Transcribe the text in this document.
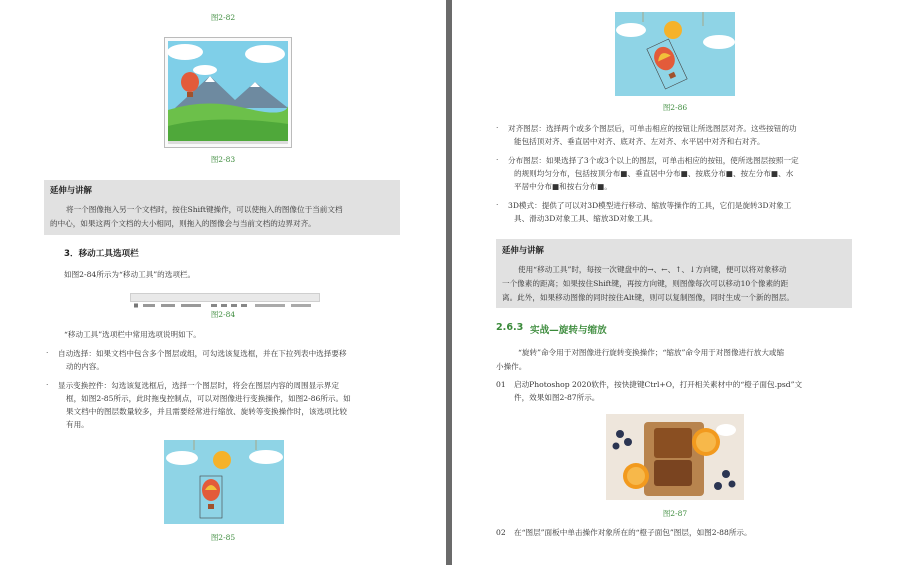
图2-82
图2-83
延伸与讲解
将一个图像拖入另一个文档时，按住Shift键操作，可以使拖入的图像位于当前文档
的中心，如果这两个文档的大小相同，则拖入的图像会与当前文档的边界对齐。
3．移动工具选项栏
如图2-84所示为“移动工具”的选项栏。
图2-84
“移动工具”选项栏中常用选项说明如下。
· 自动选择：如果文档中包含多个图层或组，可勾选该复选框，并在下拉列表中选择要移
动的内容。
· 显示变换控件：勾选该复选框后，选择一个图层时，将会在图层内容的周围显示界定
框，如图2-85所示，此时拖曳控制点，可以对图像进行变换操作，如图2-86所示。如
果文档中的图层数量较多，并且需要经常进行缩放、旋转等变换操作时，该选项比较
有用。
图2-85
图2-86
· 对齐图层：选择两个或多个图层后，可单击相应的按钮让所选图层对齐。这些按钮的功
能包括顶对齐、垂直居中对齐、底对齐、左对齐、水平居中对齐和右对齐。
· 分布图层：如果选择了3个或3个以上的图层，可单击相应的按钮，使所选图层按照一定
的规则均匀分布，包括按顶分布■、垂直居中分布■、按底分布■、按左分布■、水
平居中分布■和按右分布■。
· 3D模式：提供了可以对3D模型进行移动、缩放等操作的工具，它们是旋转3D对象工
具、滑动3D对象工具、缩放3D对象工具。
延伸与讲解
使用“移动工具”时，每按一次键盘中的→、←、↑、↓方向键，便可以将对象移动
一个像素的距离；如果按住Shift键，再按方向键，则图像每次可以移动10个像素的距
离。此外，如果移动图像的同时按住Alt键，则可以复制图像，同时生成一个新的图层。
2.6.3 实战—旋转与缩放
“旋转”命令用于对图像进行旋转变换操作；“缩放”命令用于对图像进行放大或缩
小操作。
01 启动Photoshop 2020软件，按快捷键Ctrl+O，打开相关素材中的“橙子面包.psd”文
件，效果如图2-87所示。
图2-87
02 在“图层”面板中单击操作对象所在的“橙子面包”图层，如图2-88所示。
